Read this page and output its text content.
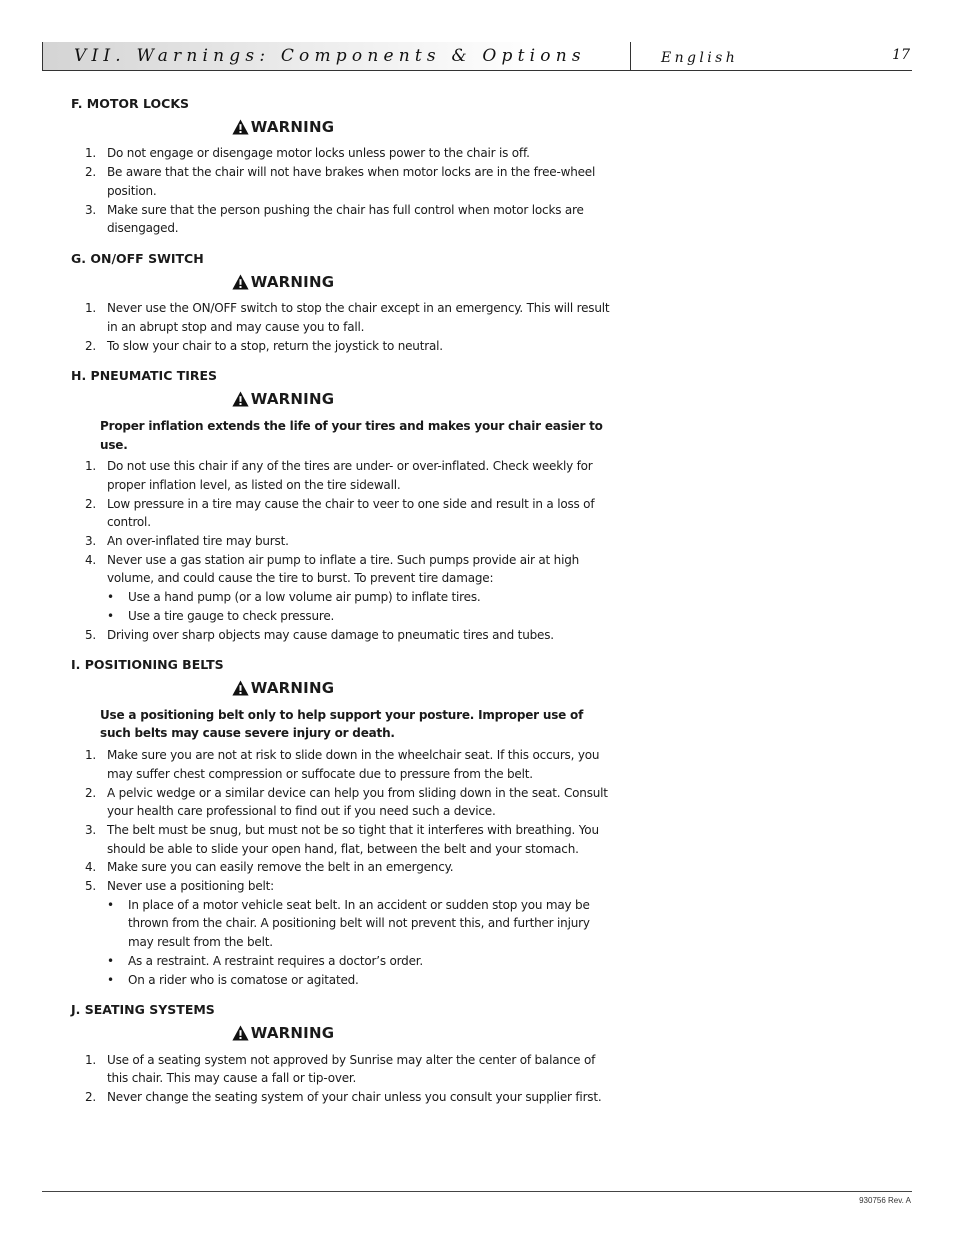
VII. Warnings: Components & Options	English	17
F. MOTOR LOCKS
WARNING
1. Do not engage or disengage motor locks unless power to the chair is off.
2. Be aware that the chair will not have brakes when motor locks are in the free-wheel position.
3. Make sure that the person pushing the chair has full control when motor locks are disengaged.
G. ON/OFF SWITCH
WARNING
1. Never use the ON/OFF switch to stop the chair except in an emergency. This will result in an abrupt stop and may cause you to fall.
2. To slow your chair to a stop, return the joystick to neutral.
H. PNEUMATIC TIRES
WARNING
Proper inflation extends the life of your tires and makes your chair easier to use.
1. Do not use this chair if any of the tires are under- or over-inflated. Check weekly for proper inflation level, as listed on the tire sidewall.
2. Low pressure in a tire may cause the chair to veer to one side and result in a loss of control.
3. An over-inflated tire may burst.
4. Never use a gas station air pump to inflate a tire. Such pumps provide air at high volume, and could cause the tire to burst. To prevent tire damage:
• Use a hand pump (or a low volume air pump) to inflate tires.
• Use a tire gauge to check pressure.
5. Driving over sharp objects may cause damage to pneumatic tires and tubes.
I. POSITIONING BELTS
WARNING
Use a positioning belt only to help support your posture. Improper use of such belts may cause severe injury or death.
1. Make sure you are not at risk to slide down in the wheelchair seat. If this occurs, you may suffer chest compression or suffocate due to pressure from the belt.
2. A pelvic wedge or a similar device can help you from sliding down in the seat. Consult your health care professional to find out if you need such a device.
3. The belt must be snug, but must not be so tight that it interferes with breathing. You should be able to slide your open hand, flat, between the belt and your stomach.
4. Make sure you can easily remove the belt in an emergency.
5. Never use a positioning belt:
• In place of a motor vehicle seat belt. In an accident or sudden stop you may be thrown from the chair. A positioning belt will not prevent this, and further injury may result from the belt.
• As a restraint. A restraint requires a doctor’s order.
• On a rider who is comatose or agitated.
J. SEATING SYSTEMS
WARNING
1. Use of a seating system not approved by Sunrise may alter the center of balance of this chair. This may cause a fall or tip-over.
2. Never change the seating system of your chair unless you consult your supplier first.
930756 Rev. A
